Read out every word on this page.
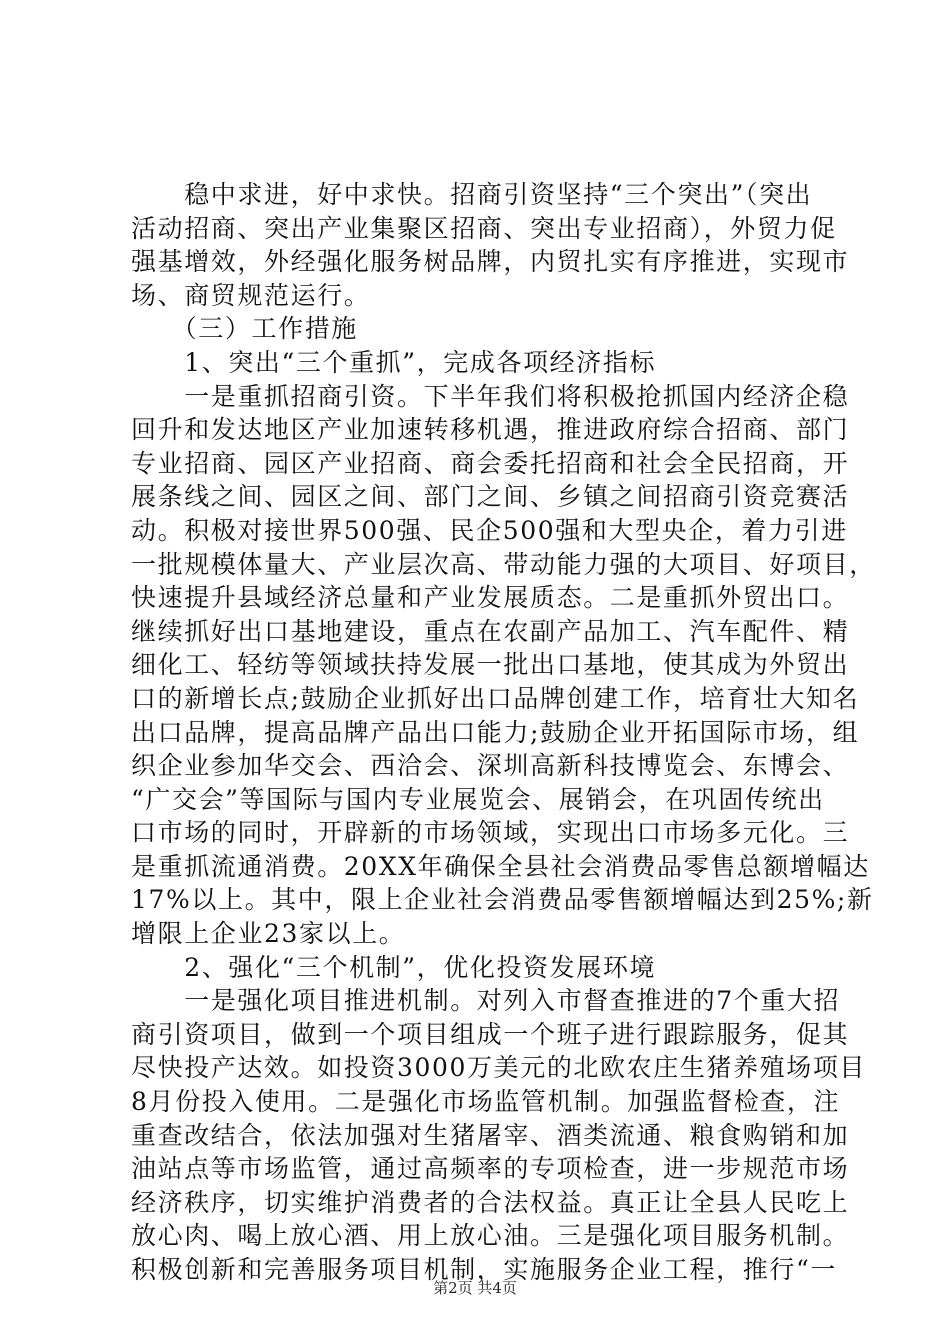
　　稳中求进，好中求快。招商引资坚持“三个突出”（突出
活动招商、突出产业集聚区招商、突出专业招商），外贸力促
强基增效，外经强化服务树品牌，内贸扎实有序推进，实现市
场、商贸规范运行。
　　（三）工作措施
　　1、突出“三个重抓”，完成各项经济指标
　　一是重抓招商引资。下半年我们将积极抢抓国内经济企稳
回升和发达地区产业加速转移机遇，推进政府综合招商、部门
专业招商、园区产业招商、商会委托招商和社会全民招商，开
展条线之间、园区之间、部门之间、乡镇之间招商引资竞赛活
动。积极对接世界500强、民企500强和大型央企，着力引进
一批规模体量大、产业层次高、带动能力强的大项目、好项目，
快速提升县域经济总量和产业发展质态。二是重抓外贸出口。
继续抓好出口基地建设，重点在农副产品加工、汽车配件、精
细化工、轻纺等领域扶持发展一批出口基地，使其成为外贸出
口的新增长点;鼓励企业抓好出口品牌创建工作，培育壮大知名
出口品牌，提高品牌产品出口能力;鼓励企业开拓国际市场，组
织企业参加华交会、西洽会、深圳高新科技博览会、东博会、
“广交会”等国际与国内专业展览会、展销会，在巩固传统出
口市场的同时，开辟新的市场领域，实现出口市场多元化。三
是重抓流通消费。20XX年确保全县社会消费品零售总额增幅达
17%以上。其中，限上企业社会消费品零售额增幅达到25%;新
增限上企业23家以上。
　　2、强化“三个机制”，优化投资发展环境
　　一是强化项目推进机制。对列入市督查推进的7个重大招
商引资项目，做到一个项目组成一个班子进行跟踪服务，促其
尽快投产达效。如投资3000万美元的北欧农庄生猪养殖场项目
8月份投入使用。二是强化市场监管机制。加强监督检查，注
重查改结合，依法加强对生猪屠宰、酒类流通、粮食购销和加
油站点等市场监管，通过高频率的专项检查，进一步规范市场
经济秩序，切实维护消费者的合法权益。真正让全县人民吃上
放心肉、喝上放心酒、用上放心油。三是强化项目服务机制。
积极创新和完善服务项目机制，实施服务企业工程，推行“一
第2页 共4页
